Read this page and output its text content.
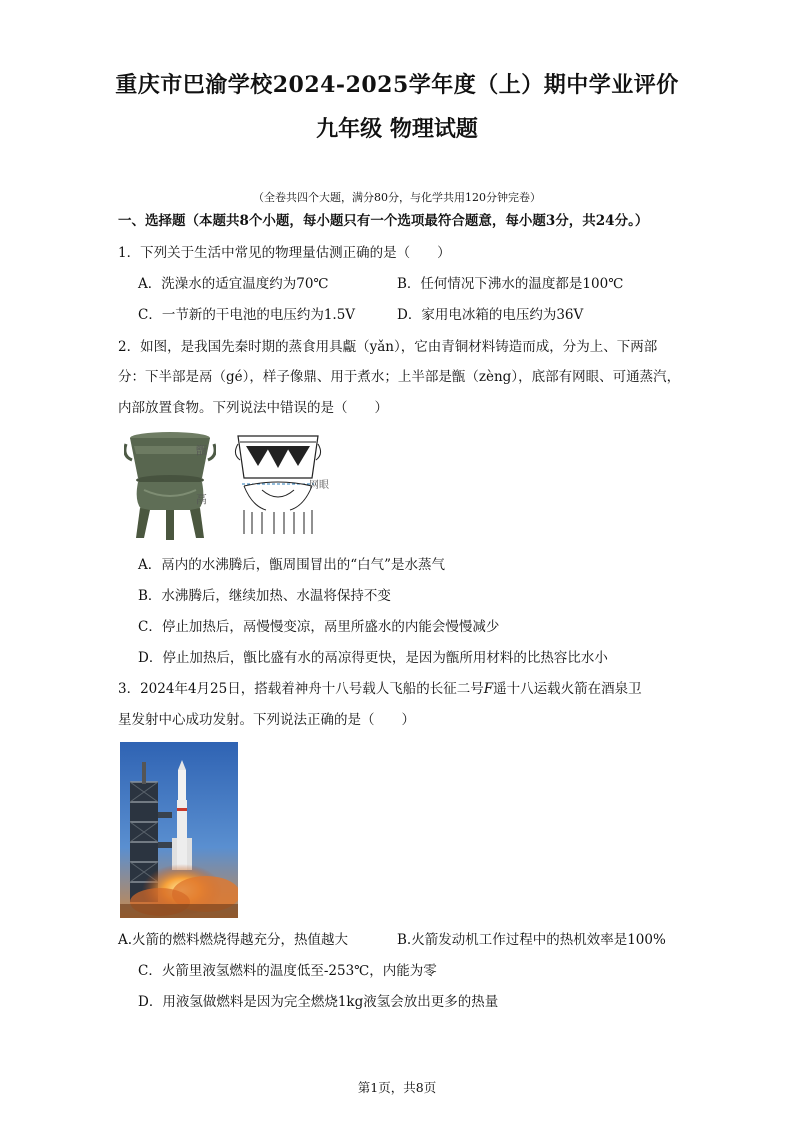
重庆市巴渝学校2024-2025学年度（上）期中学业评价
九年级 物理试题
（全卷共四个大题，满分80分，与化学共用120分钟完卷）
一、选择题（本题共8个小题，每小题只有一个选项最符合题意，每小题3分，共24分。）
1．下列关于生活中常见的物理量估测正确的是（　　）
A．洗澡水的适宜温度约为70℃	B．任何情况下沸水的温度都是100℃
C．一节新的干电池的电压约为1.5V	D．家用电冰箱的电压约为36V
2．如图，是我国先秦时期的蒸食用具甗（yǎn），它由青铜材料铸造而成，分为上、下两部
分：下半部是鬲（gé），样子像鼎、用于煮水；上半部是甑（zèng），底部有网眼、可通蒸汽，
内部放置食物。下列说法中错误的是（　　）
甑
鬲
网眼
A．鬲内的水沸腾后，甑周围冒出的“白气”是水蒸气
B．水沸腾后，继续加热、水温将保持不变
C．停止加热后，鬲慢慢变凉，鬲里所盛水的内能会慢慢减少
D．停止加热后，甑比盛有水的鬲凉得更快，是因为甑所用材料的比热容比水小
3．2024年4月25日，搭载着神舟十八号载人飞船的长征二号F遥十八运载火箭在酒泉卫
星发射中心成功发射。下列说法正确的是（　　）
A.火箭的燃料燃烧得越充分，热值越大	B.火箭发动机工作过程中的热机效率是100%
C．火箭里液氢燃料的温度低至-253℃，内能为零
D．用液氢做燃料是因为完全燃烧1kg液氢会放出更多的热量
第1页，共8页
